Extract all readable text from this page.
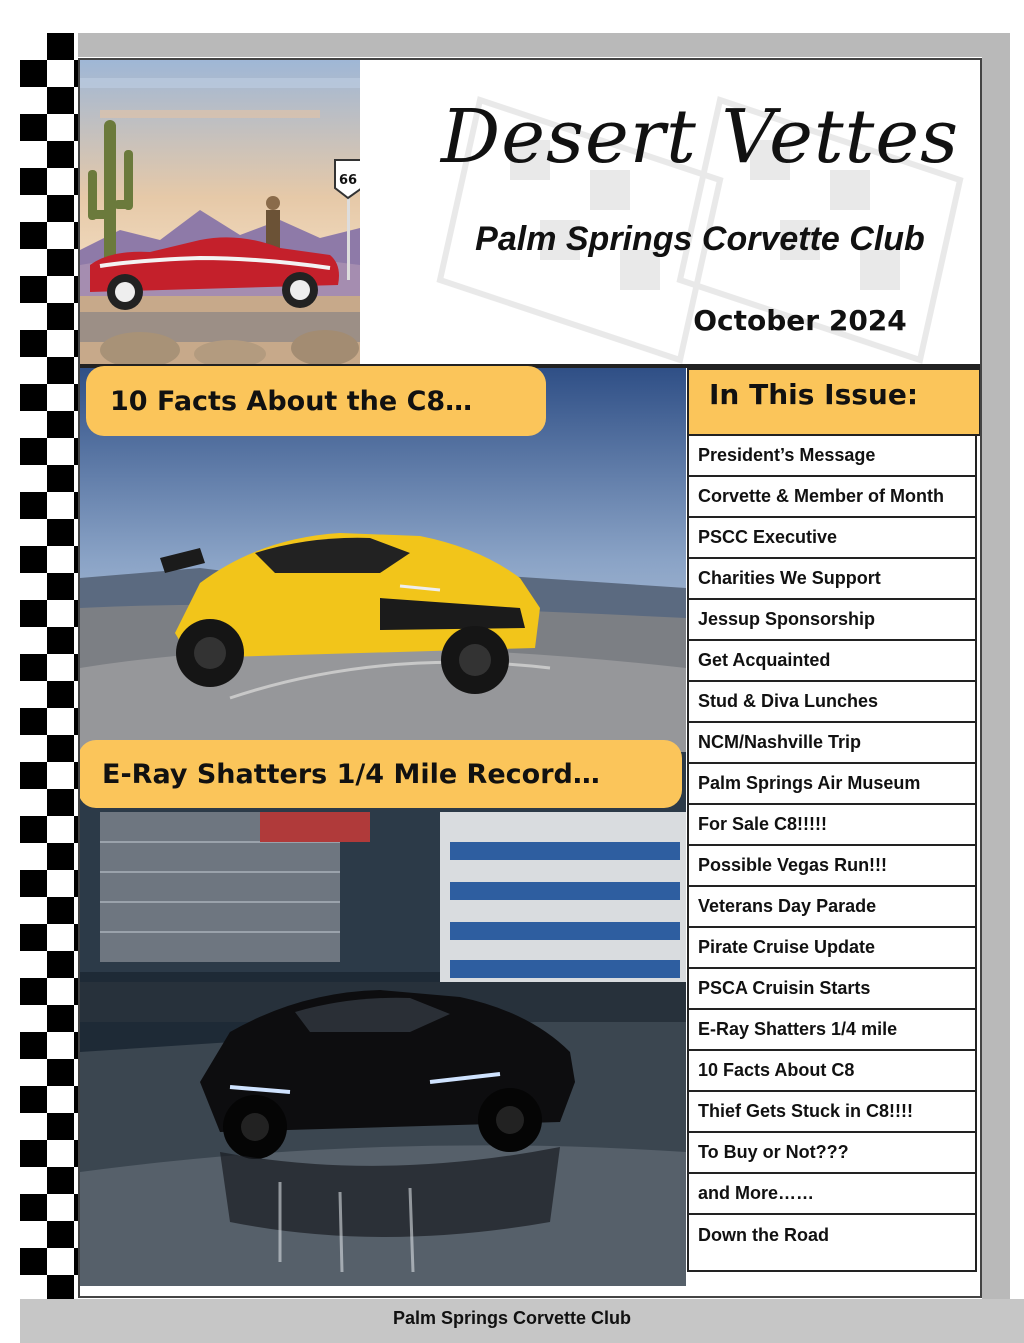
66
Desert Vettes
Palm Springs Corvette Club
October 2024
10 Facts About the C8…
E-Ray Shatters 1/4 Mile Record…
In This Issue:
President’s Message
Corvette & Member of Month
PSCC Executive
Charities We Support
Jessup Sponsorship
Get Acquainted
Stud & Diva Lunches
NCM/Nashville Trip
Palm Springs Air Museum
For Sale C8!!!!!
Possible Vegas Run!!!
Veterans Day Parade
Pirate Cruise Update
PSCA Cruisin Starts
E-Ray Shatters 1/4 mile
10 Facts About C8
Thief Gets Stuck in C8!!!!
To Buy or Not???
and More……
Down the Road
Palm Springs Corvette Club
